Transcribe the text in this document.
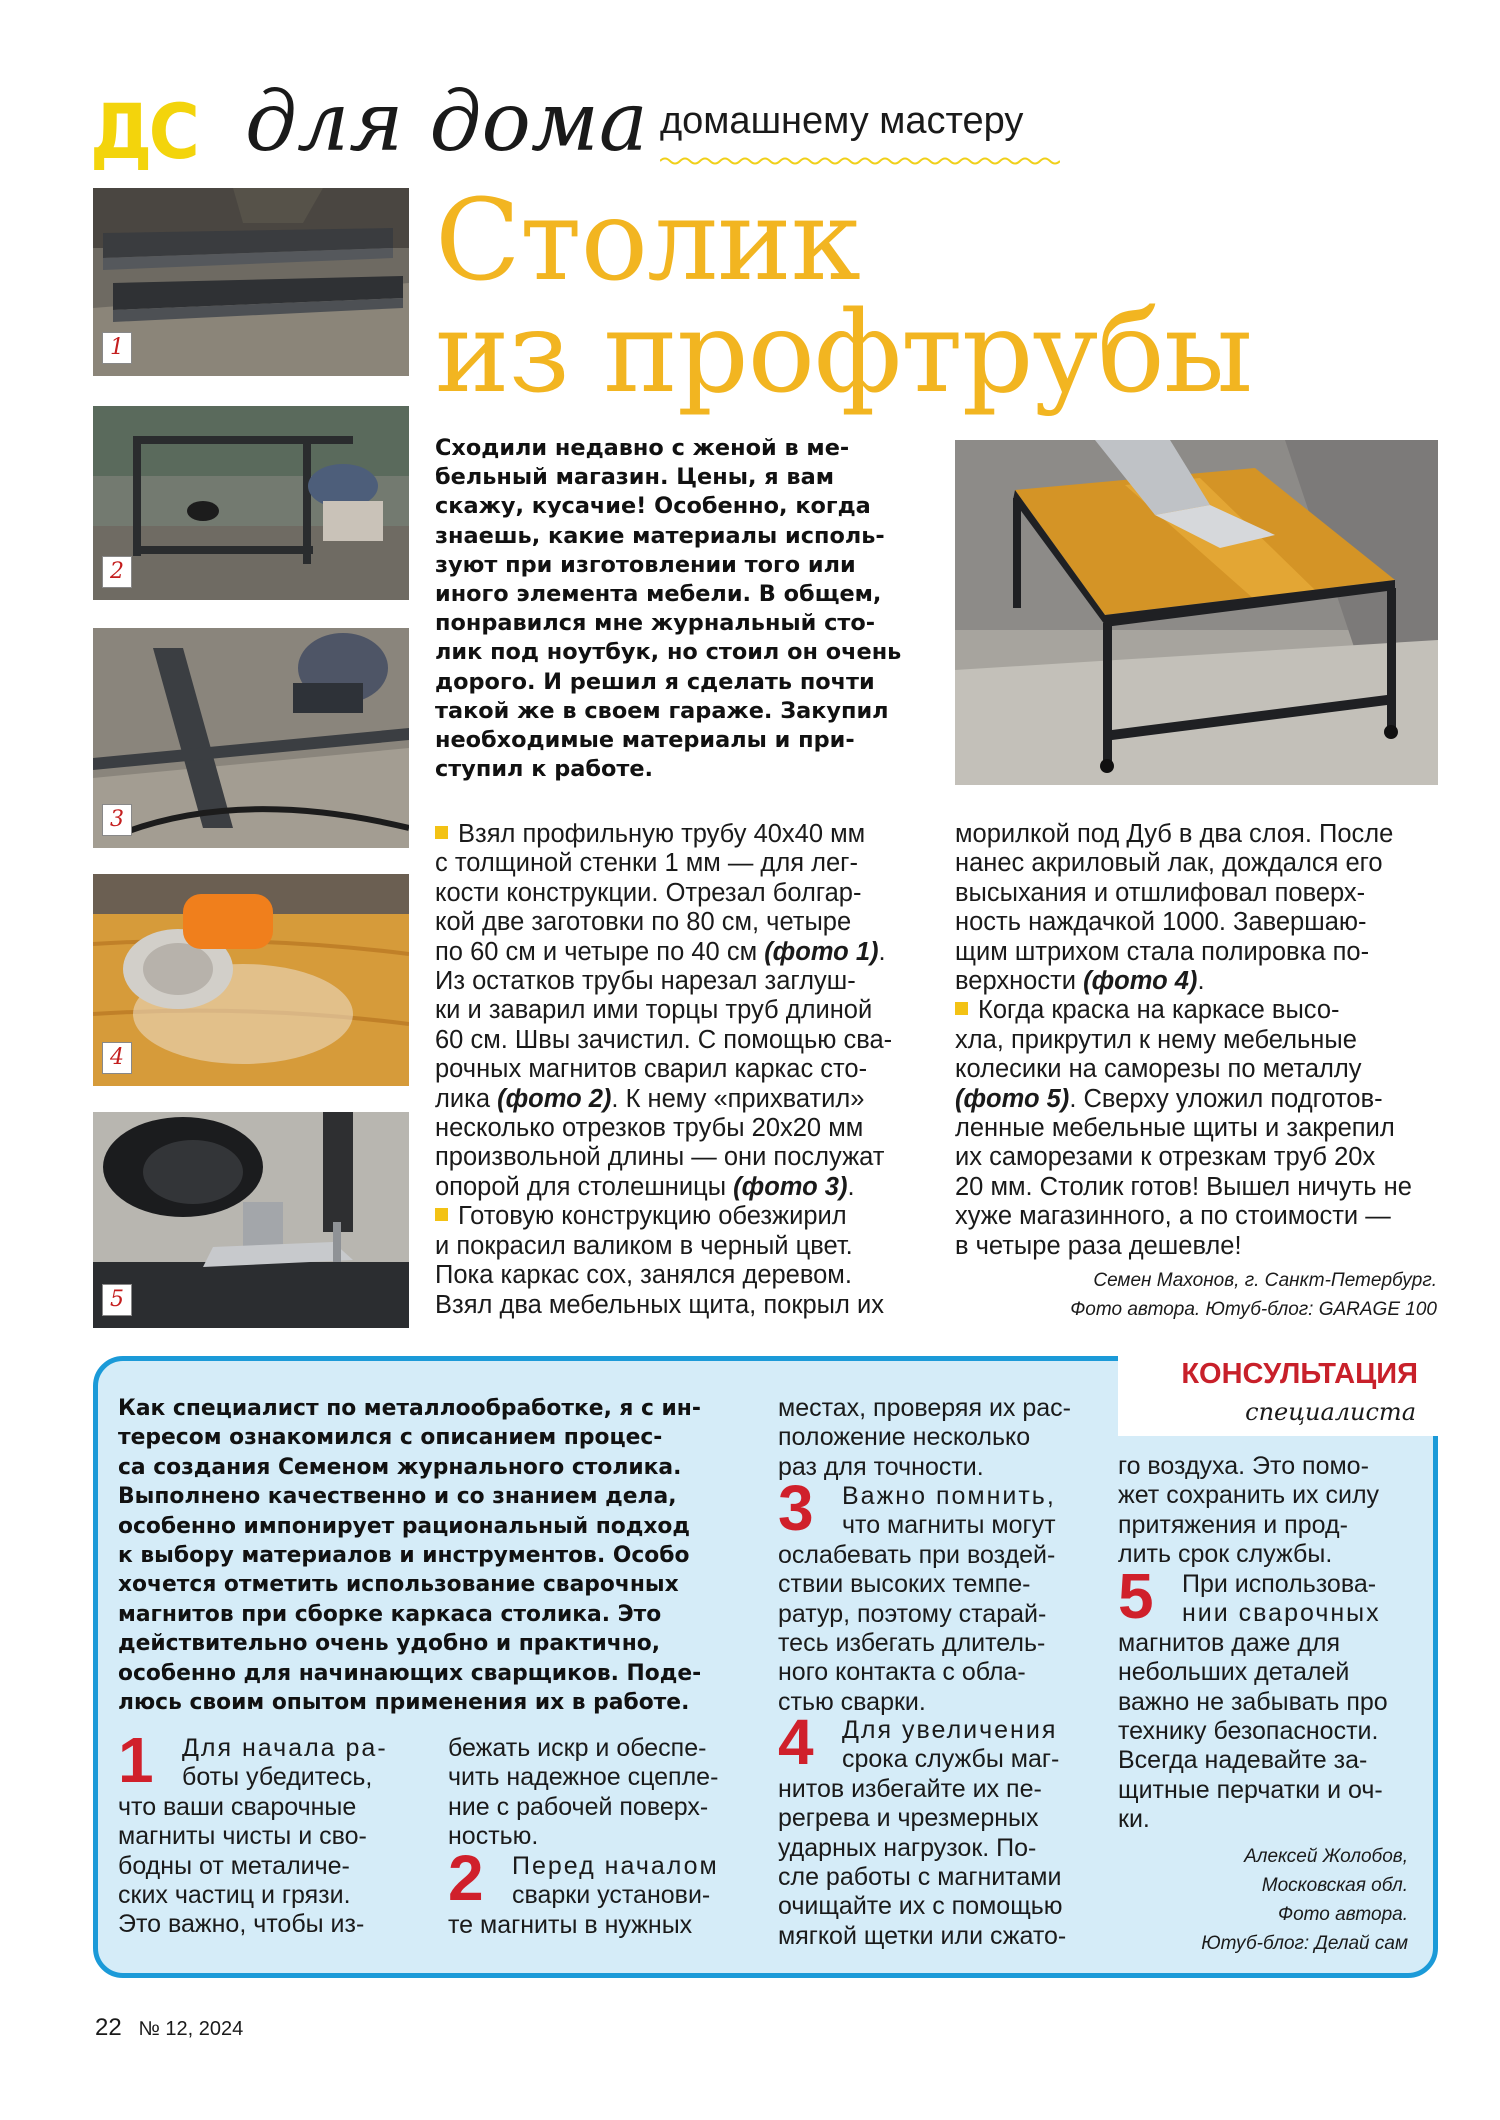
ДС для дома домашнему мастеру
Столик
из профтрубы
1
2
3
4
5
Сходили недавно с женой в ме-
бельный магазин. Цены, я вам
скажу, кусачие! Особенно, когда
знаешь, какие материалы исполь-
зуют при изготовлении того или
иного элемента мебели. В общем,
понравился мне журнальный сто-
лик под ноутбук, но стоил он очень
дорого. И решил я сделать почти
такой же в своем гараже. Закупил
необходимые материалы и при-
ступил к работе.
Взял профильную трубу 40х40 мм
с толщиной стенки 1 мм — для лег-
кости конструкции. Отрезал болгар-
кой две заготовки по 80 см, четыре
по 60 см и четыре по 40 см (фото 1).
Из остатков трубы нарезал заглуш-
ки и заварил ими торцы труб длиной
60 см. Швы зачистил. С помощью сва-
рочных магнитов сварил каркас сто-
лика (фото 2). К нему «прихватил»
несколько отрезков трубы 20х20 мм
произвольной длины — они послужат
опорой для столешницы (фото 3).
Готовую конструкцию обезжирил
и покрасил валиком в черный цвет.
Пока каркас сох, занялся деревом.
Взял два мебельных щита, покрыл их
морилкой под Дуб в два слоя. После
нанес акриловый лак, дождался его
высыхания и отшлифовал поверх-
ность наждачкой 1000. Завершаю-
щим штрихом стала полировка по-
верхности (фото 4).
Когда краска на каркасе высо-
хла, прикрутил к нему мебельные
колесики на саморезы по металлу
(фото 5). Сверху уложил подготов-
ленные мебельные щиты и закрепил
их саморезами к отрезкам труб 20х
20 мм. Столик готов! Вышел ничуть не
хуже магазинного, а по стоимости —
в четыре раза дешевле!
Семен Махонов, г. Санкт-Петербург.
Фото автора. Ютуб-блог: GARAGE 100
КОНСУЛЬТАЦИЯ
специалиста
Как специалист по металлообработке, я с ин-
тересом ознакомился с описанием процес-
са создания Семеном журнального столика.
Выполнено качественно и со знанием дела,
особенно импонирует рациональный подход
к выбору материалов и инструментов. Особо
хочется отметить использование сварочных
магнитов при сборке каркаса столика. Это
действительно очень удобно и практично,
особенно для начинающих сварщиков. Поде-
люсь своим опытом применения их в работе.
1	Для начала ра-
боты убедитесь,
что ваши сварочные
магниты чисты и сво-
бодны от металиче-
ских частиц и грязи.
Это важно, чтобы из-
бежать искр и обеспе-
чить надежное сцепле-
ние с рабочей поверх-
ностью.
2	Перед началом
сварки установи-
те магниты в нужных
местах, проверяя их рас-
положение несколько
раз для точности.
3	Важно помнить,
что магниты могут
ослабевать при воздей-
ствии высоких темпе-
ратур, поэтому старай-
тесь избегать длитель-
ного контакта с обла-
стью сварки.
4	Для увеличения
срока службы маг-
нитов избегайте их пе-
регрева и чрезмерных
ударных нагрузок. По-
сле работы с магнитами
очищайте их с помощью
мягкой щетки или сжато-
го воздуха. Это помо-
жет сохранить их силу
притяжения и прод-
лить срок службы.
5	При использова-
нии сварочных
магнитов даже для
небольших деталей
важно не забывать про
технику безопасности.
Всегда надевайте за-
щитные перчатки и оч-
ки.
Алексей Жолобов,
Московская обл.
Фото автора.
Ютуб-блог: Делай сам
22 № 12, 2024
